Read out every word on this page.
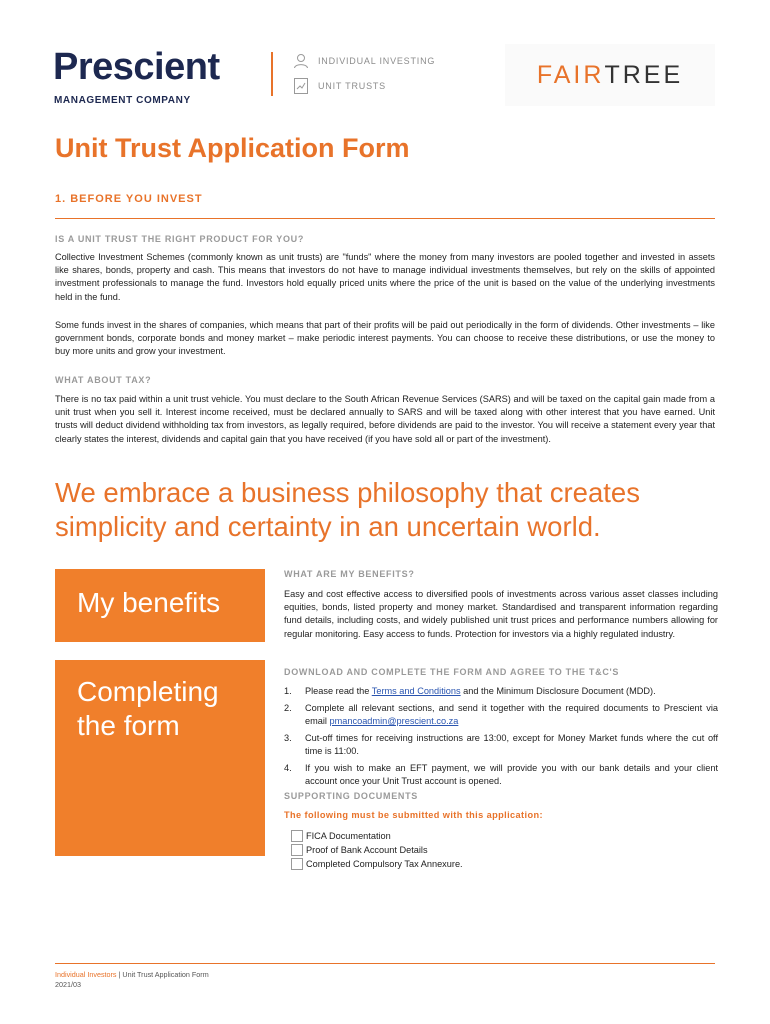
Prescient
MANAGEMENT COMPANY
INDIVIDUAL INVESTING
UNIT TRUSTS	FAIR TREE
Unit Trust Application Form
1. BEFORE YOU INVEST
IS A UNIT TRUST THE RIGHT PRODUCT FOR YOU?
Collective Investment Schemes (commonly known as unit trusts) are "funds" where the money from many investors are pooled together and invested in assets like shares, bonds, property and cash. This means that investors do not have to manage individual investments themselves, but rely on the skills of appointed investment professionals to manage the fund. Investors hold equally priced units where the price of the unit is based on the value of the underlying investments held in the fund.
Some funds invest in the shares of companies, which means that part of their profits will be paid out periodically in the form of dividends. Other investments – like government bonds, corporate bonds and money market – make periodic interest payments. You can choose to receive these distributions, or use the money to buy more units and grow your investment.
WHAT ABOUT TAX?
There is no tax paid within a unit trust vehicle. You must declare to the South African Revenue Services (SARS) and will be taxed on the capital gain made from a unit trust when you sell it. Interest income received, must be declared annually to SARS and will be taxed along with other interest that you have earned. Unit trusts will deduct dividend withholding tax from investors, as legally required, before dividends are paid to the investor. You will receive a statement every year that clearly states the interest, dividends and capital gain that you have received (if you have sold all or part of the investment).
We embrace a business philosophy that creates simplicity and certainty in an uncertain world.
My benefits
Completing
the form
WHAT ARE MY BENEFITS?
Easy and cost effective access to diversified pools of investments across various asset classes including equities, bonds, listed property and money market. Standardised and transparent information regarding fund details, including costs, and widely published unit trust prices and performance numbers allowing for regular monitoring. Easy access to funds. Protection for investors via a highly regulated industry.
DOWNLOAD AND COMPLETE THE FORM AND AGREE TO THE T&C'S
1.	Please read the Terms and Conditions and the Minimum Disclosure Document (MDD).
2.	Complete all relevant sections, and send it together with the required documents to Prescient via email pmancoadmin@prescient.co.za
3.	Cut-off times for receiving instructions are 13:00, except for Money Market funds where the cut off time is 11:00.
4.	If you wish to make an EFT payment, we will provide you with our bank details and your client account once your Unit Trust account is opened.
SUPPORTING DOCUMENTS
The following must be submitted with this application:
FICA Documentation
Proof of Bank Account Details
Completed Compulsory Tax Annexure.
Individual Investors | Unit Trust Application Form
2021/03
